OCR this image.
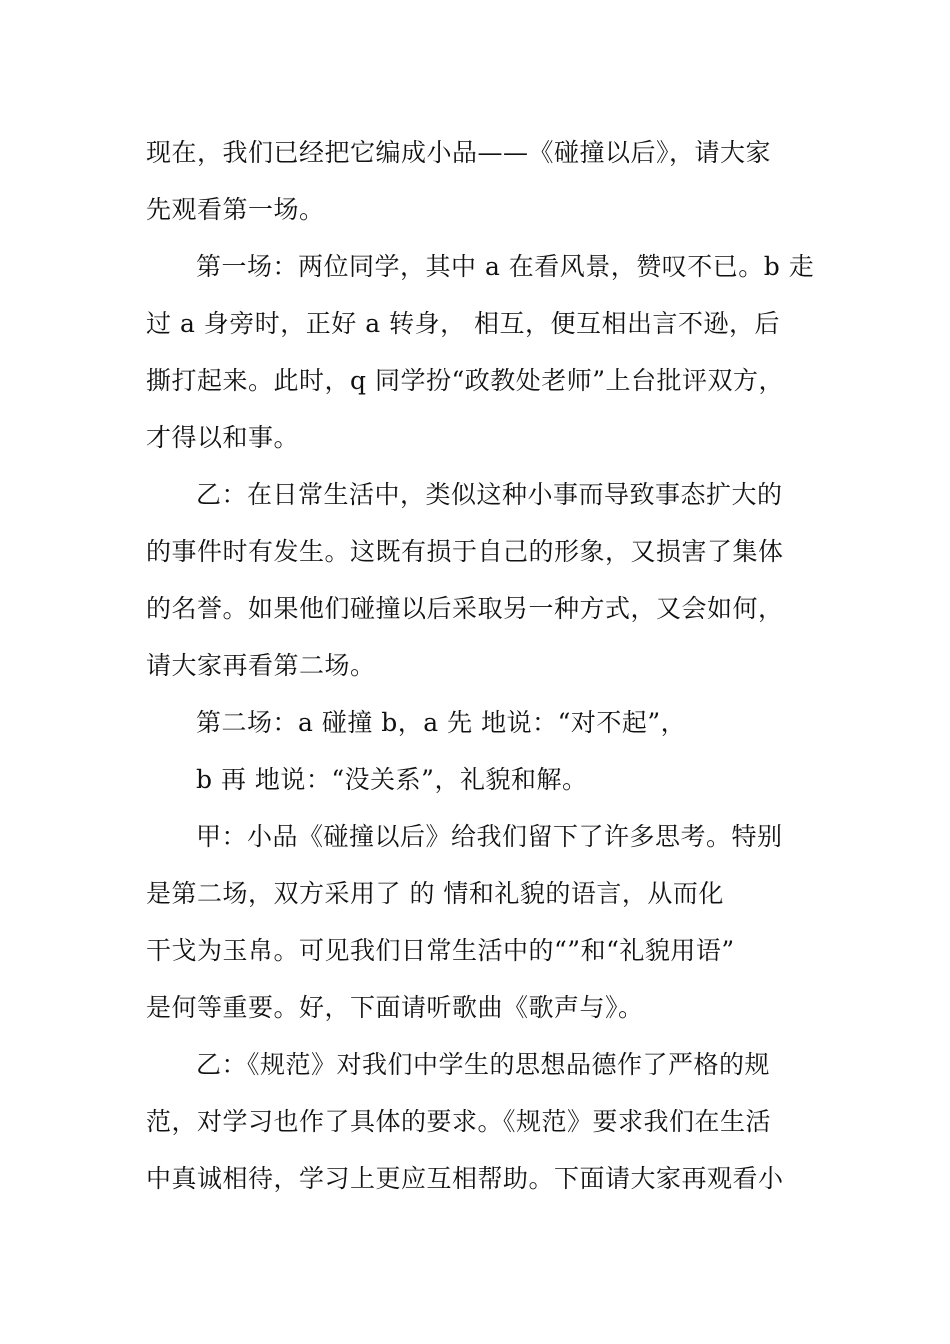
现在，我们已经把它编成小品——《碰撞以后》，请大家
先观看第一场。
第一场：两位同学，其中 a 在看风景，赞叹不已。b 走
过 a 身旁时，正好 a 转身， 相互，便互相出言不逊，后
撕打起来。此时，q 同学扮“政教处老师”上台批评双方，
才得以和事。
乙：在日常生活中，类似这种小事而导致事态扩大的
的事件时有发生。这既有损于自己的形象，又损害了集体
的名誉。如果他们碰撞以后采取另一种方式，又会如何，
请大家再看第二场。
第二场：a 碰撞 b，a 先 地说：“对不起”，
b 再 地说：“没关系”，礼貌和解。
甲：小品《碰撞以后》给我们留下了许多思考。特别
是第二场，双方采用了 的 情和礼貌的语言，从而化
干戈为玉帛。可见我们日常生活中的“”和“礼貌用语”
是何等重要。好，下面请听歌曲《歌声与》。
乙：《规范》对我们中学生的思想品德作了严格的规
范，对学习也作了具体的要求。《规范》要求我们在生活
中真诚相待，学习上更应互相帮助。下面请大家再观看小
